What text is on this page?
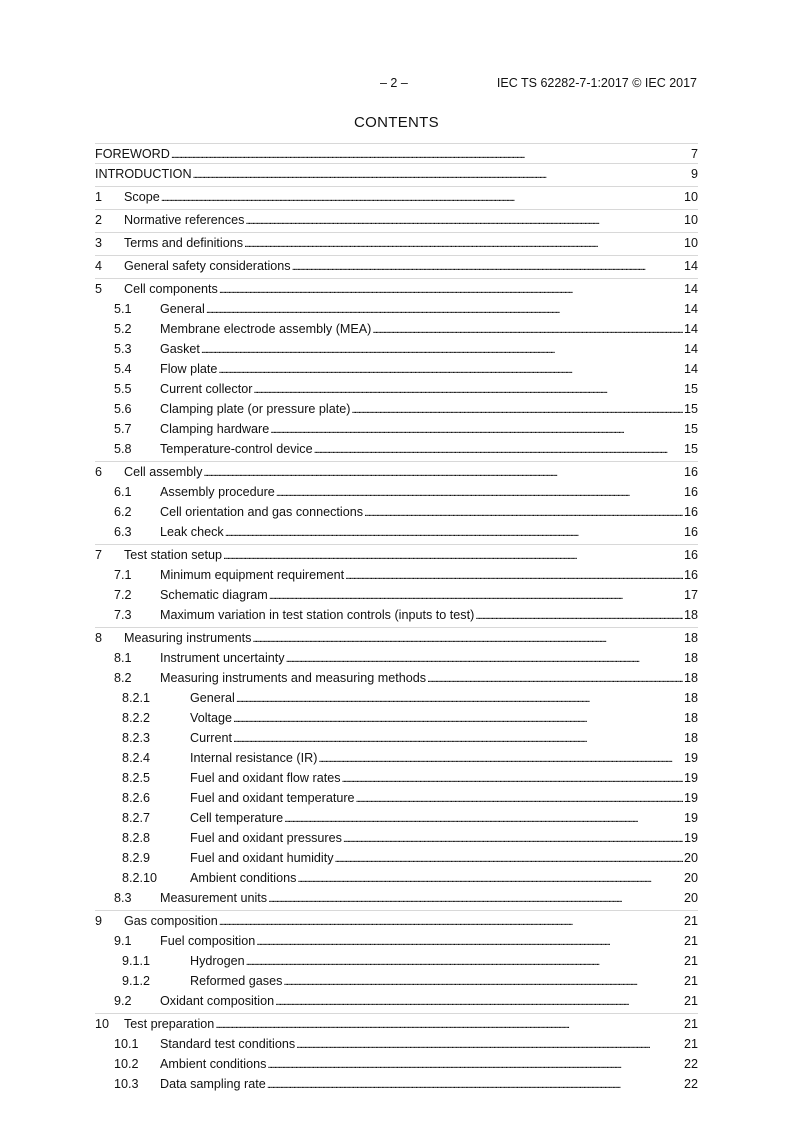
– 2 –	IEC TS 62282-7-1:2017 © IEC 2017
CONTENTS
FOREWORD . . .	7
INTRODUCTION . . .	9
1	Scope . . .	10
2	Normative references . . .	10
3	Terms and definitions . . .	10
4	General safety considerations . . .	14
5	Cell components . . .	14
5.1	General . . .	14
5.2	Membrane electrode assembly (MEA) . . .	14
5.3	Gasket . . .	14
5.4	Flow plate . . .	14
5.5	Current collector . . .	15
5.6	Clamping plate (or pressure plate) . . .	15
5.7	Clamping hardware . . .	15
5.8	Temperature-control device . . .	15
6	Cell assembly . . .	16
6.1	Assembly procedure . . .	16
6.2	Cell orientation and gas connections . . .	16
6.3	Leak check . . .	16
7	Test station setup . . .	16
7.1	Minimum equipment requirement . . .	16
7.2	Schematic diagram . . .	17
7.3	Maximum variation in test station controls (inputs to test) . . .	18
8	Measuring instruments . . .	18
8.1	Instrument uncertainty . . .	18
8.2	Measuring instruments and measuring methods . . .	18
8.2.1	General . . .	18
8.2.2	Voltage . . .	18
8.2.3	Current . . .	18
8.2.4	Internal resistance (IR) . . .	19
8.2.5	Fuel and oxidant flow rates . . .	19
8.2.6	Fuel and oxidant temperature . . .	19
8.2.7	Cell temperature . . .	19
8.2.8	Fuel and oxidant pressures . . .	19
8.2.9	Fuel and oxidant humidity . . .	20
8.2.10	Ambient conditions . . .	20
8.3	Measurement units . . .	20
9	Gas composition . . .	21
9.1	Fuel composition . . .	21
9.1.1	Hydrogen . . .	21
9.1.2	Reformed gases . . .	21
9.2	Oxidant composition . . .	21
10	Test preparation . . .	21
10.1	Standard test conditions . . .	21
10.2	Ambient conditions . . .	22
10.3	Data sampling rate . . .	22
